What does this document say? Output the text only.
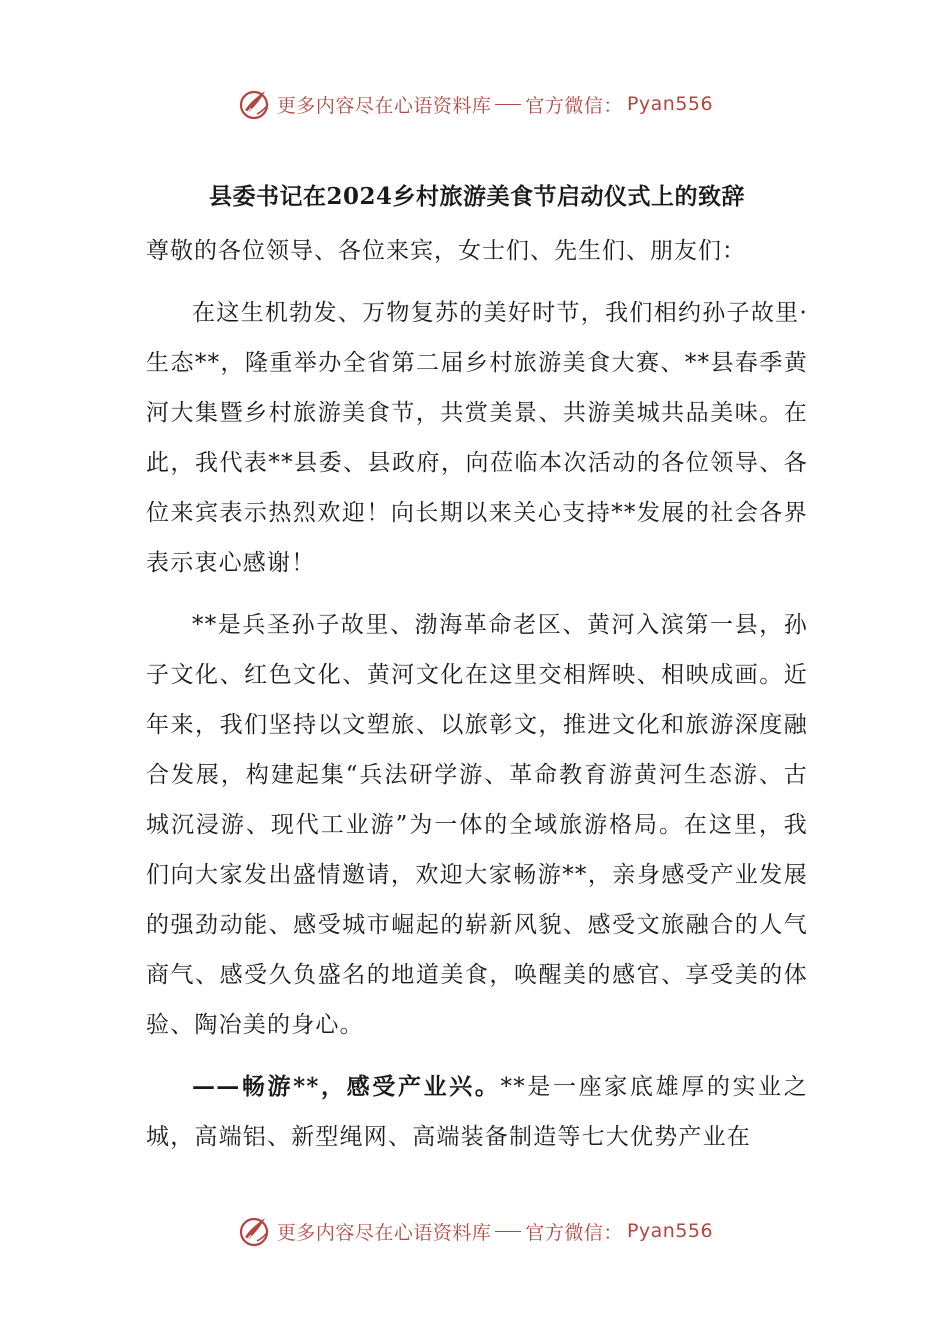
更多内容尽在心语资料库 官方微信： Pyan556
县委书记在2024乡村旅游美食节启动仪式上的致辞

尊敬的各位领导、各位来宾，女士们、先生们、朋友们：

在这生机勃发、万物复苏的美好时节，我们相约孙子故里·生态**，隆重举办全省第二届乡村旅游美食大赛、**县春季黄河大集暨乡村旅游美食节，共赏美景、共游美城共品美味。在此，我代表**县委、县政府，向莅临本次活动的各位领导、各位来宾表示热烈欢迎！向长期以来关心支持**发展的社会各界表示衷心感谢！

**是兵圣孙子故里、渤海革命老区、黄河入滨第一县，孙子文化、红色文化、黄河文化在这里交相辉映、相映成画。近年来，我们坚持以文塑旅、以旅彰文，推进文化和旅游深度融合发展，构建起集“兵法研学游、革命教育游黄河生态游、古城沉浸游、现代工业游”为一体的全域旅游格局。在这里，我们向大家发出盛情邀请，欢迎大家畅游**，亲身感受产业发展的强劲动能、感受城市崛起的崭新风貌、感受文旅融合的人气商气、感受久负盛名的地道美食，唤醒美的感官、享受美的体验、陶冶美的身心。

——畅游**，感受产业兴。**是一座家底雄厚的实业之城，高端铝、新型绳网、高端装备制造等七大优势产业在

更多内容尽在心语资料库 官方微信： Pyan556
